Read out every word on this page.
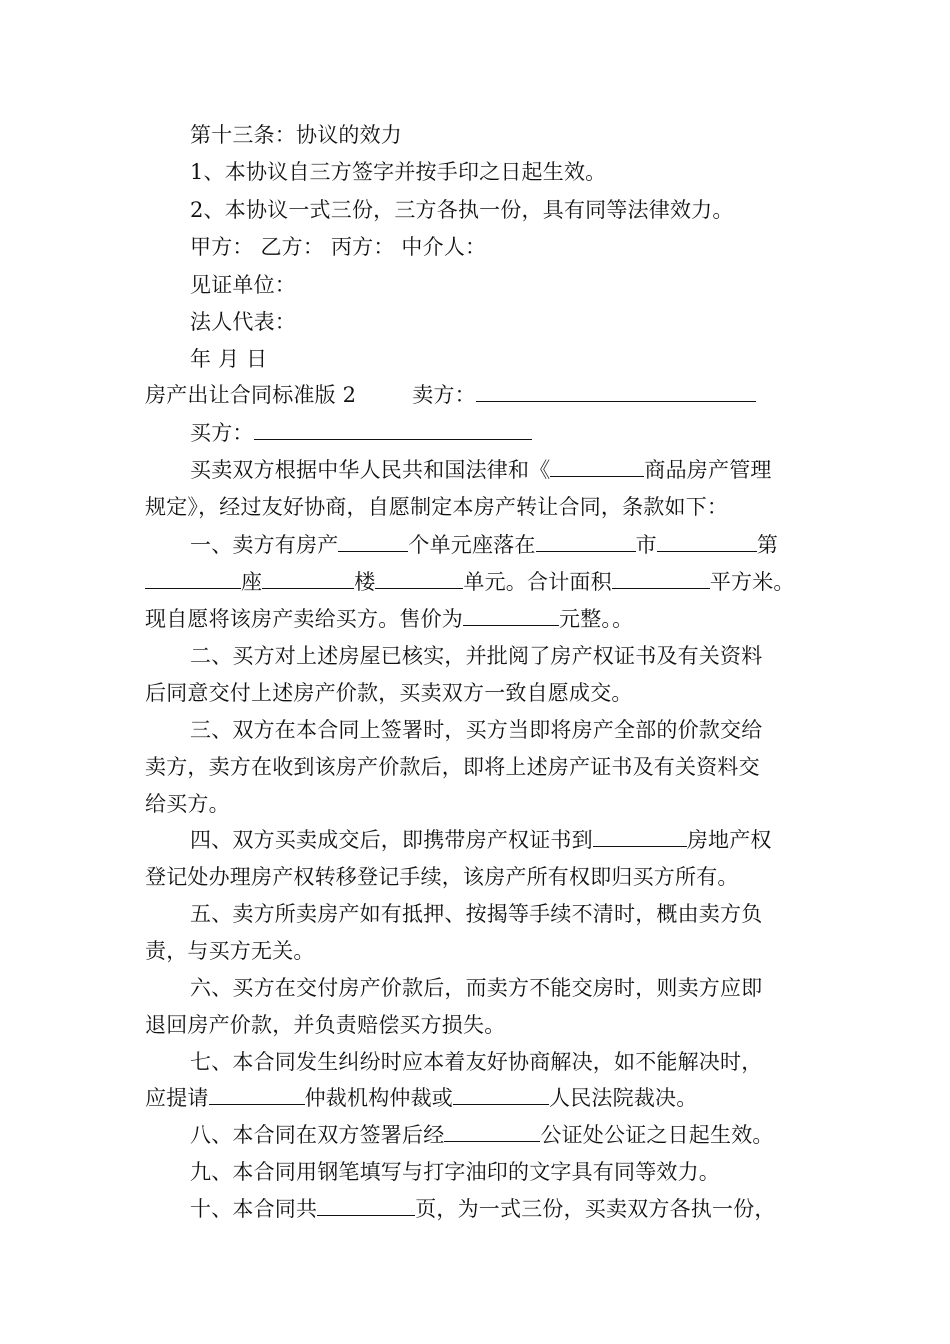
第十三条：协议的效力
1、本协议自三方签字并按手印之日起生效。
2、本协议一式三份，三方各执一份，具有同等法律效力。
甲方： 乙方： 丙方： 中介人：
见证单位：
法人代表：
年 月 日
房产出让合同标准版 2	卖方：
买方：
买卖双方根据中华人民共和国法律和《	商品房产管理
规定》，经过友好协商，自愿制定本房产转让合同，条款如下：
一、卖方有房产	个单元座落在	市	第
座	楼	单元。合计面积	平方米。
现自愿将该房产卖给买方。售价为	元整。。
二、买方对上述房屋已核实，并批阅了房产权证书及有关资料
后同意交付上述房产价款，买卖双方一致自愿成交。
三、双方在本合同上签署时，买方当即将房产全部的价款交给
卖方，卖方在收到该房产价款后，即将上述房产证书及有关资料交
给买方。
四、双方买卖成交后，即携带房产权证书到	房地产权
登记处办理房产权转移登记手续，该房产所有权即归买方所有。
五、卖方所卖房产如有抵押、按揭等手续不清时，概由卖方负
责，与买方无关。
六、买方在交付房产价款后，而卖方不能交房时，则卖方应即
退回房产价款，并负责赔偿买方损失。
七、本合同发生纠纷时应本着友好协商解决，如不能解决时，
应提请	仲裁机构仲裁或	人民法院裁决。
八、本合同在双方签署后经	公证处公证之日起生效。
九、本合同用钢笔填写与打字油印的文字具有同等效力。
十、本合同共	页，为一式三份，买卖双方各执一份，
